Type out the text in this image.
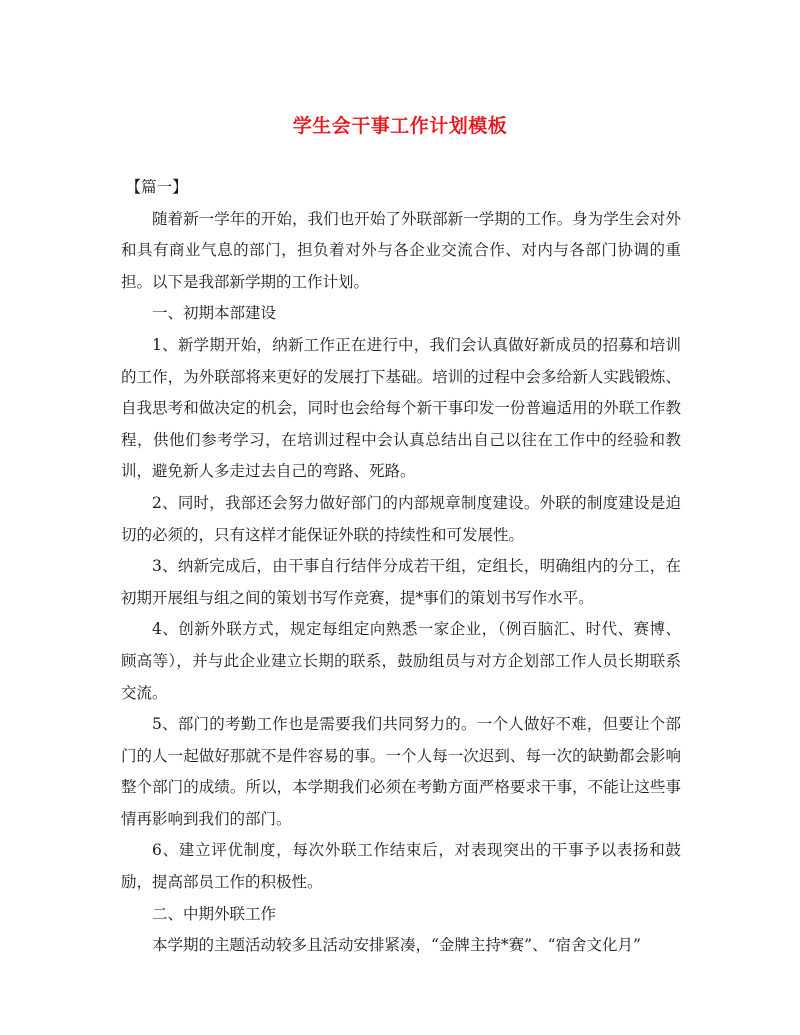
学生会干事工作计划模板

【篇一】

随着新一学年的开始，我们也开始了外联部新一学期的工作。身为学生会对外和具有商业气息的部门，担负着对外与各企业交流合作、对内与各部门协调的重担。以下是我部新学期的工作计划。

一、初期本部建设

1、新学期开始，纳新工作正在进行中，我们会认真做好新成员的招募和培训的工作，为外联部将来更好的发展打下基础。培训的过程中会多给新人实践锻炼、自我思考和做决定的机会，同时也会给每个新干事印发一份普遍适用的外联工作教程，供他们参考学习，在培训过程中会认真总结出自己以往在工作中的经验和教训，避免新人多走过去自己的弯路、死路。

2、同时，我部还会努力做好部门的内部规章制度建设。外联的制度建设是迫切的必须的，只有这样才能保证外联的持续性和可发展性。

3、纳新完成后，由干事自行结伴分成若干组，定组长，明确组内的分工，在初期开展组与组之间的策划书写作竞赛，提*事们的策划书写作水平。

4、创新外联方式，规定每组定向熟悉一家企业，（例百脑汇、时代、赛博、顾高等），并与此企业建立长期的联系，鼓励组员与对方企划部工作人员长期联系交流。

5、部门的考勤工作也是需要我们共同努力的。一个人做好不难，但要让个部门的人一起做好那就不是件容易的事。一个人每一次迟到、每一次的缺勤都会影响整个部门的成绩。所以，本学期我们必须在考勤方面严格要求干事，不能让这些事情再影响到我们的部门。

6、建立评优制度，每次外联工作结束后，对表现突出的干事予以表扬和鼓励，提高部员工作的积极性。

二、中期外联工作

本学期的主题活动较多且活动安排紧凑，“金牌主持*赛”、“宿舍文化月”
